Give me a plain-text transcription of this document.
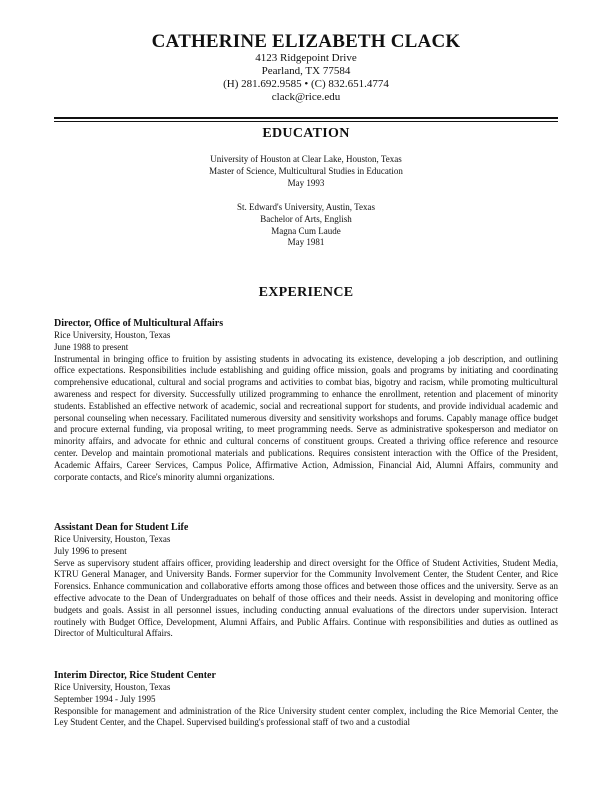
CATHERINE ELIZABETH CLACK
4123 Ridgepoint Drive
Pearland, TX 77584
(H) 281.692.9585 • (C) 832.651.4774
clack@rice.edu
EDUCATION
University of Houston at Clear Lake, Houston, Texas
Master of Science, Multicultural Studies in Education
May 1993
St. Edward's University, Austin, Texas
Bachelor of Arts, English
Magna Cum Laude
May 1981
EXPERIENCE

Director, Office of Multicultural Affairs

Rice University, Houston, Texas

June 1988 to present

Instrumental in bringing office to fruition by assisting students in advocating its existence, developing a job description, and outlining office expectations. Responsibilities include establishing and guiding office mission, goals and programs by initiating and coordinating comprehensive educational, cultural and social programs and activities to combat bias, bigotry and racism, while promoting multicultural awareness and respect for diversity. Successfully utilized programming to enhance the enrollment, retention and placement of minority students. Established an effective network of academic, social and recreational support for students, and provide individual academic and personal counseling when necessary. Facilitated numerous diversity and sensitivity workshops and forums. Capably manage office budget and procure external funding, via proposal writing, to meet programming needs. Serve as administrative spokesperson and mediator on minority affairs, and advocate for ethnic and cultural concerns of constituent groups. Created a thriving office reference and resource center. Develop and maintain promotional materials and publications. Requires consistent interaction with the Office of the President, Academic Affairs, Career Services, Campus Police, Affirmative Action, Admission, Financial Aid, Alumni Affairs, community and corporate contacts, and Rice's minority alumni organizations.

Assistant Dean for Student Life

Rice University, Houston, Texas

July 1996 to present

Serve as supervisory student affairs officer, providing leadership and direct oversight for the Office of Student Activities, Student Media, KTRU General Manager, and University Bands. Former supervior for the Community Involvement Center, the Student Center, and Rice Forensics. Enhance communication and collaborative efforts among those offices and between those offices and the university. Serve as an effective advocate to the Dean of Undergraduates on behalf of those offices and their needs. Assist in developing and monitoring office budgets and goals. Assist in all personnel issues, including conducting annual evaluations of the directors under supervision. Interact routinely with Budget Office, Development, Alumni Affairs, and Public Affairs. Continue with responsibilities and duties as outlined as Director of Multicultural Affairs.

Interim Director, Rice Student Center

Rice University, Houston, Texas

September 1994 - July 1995

Responsible for management and administration of the Rice University student center complex, including the Rice Memorial Center, the Ley Student Center, and the Chapel. Supervised building's professional staff of two and a custodial
